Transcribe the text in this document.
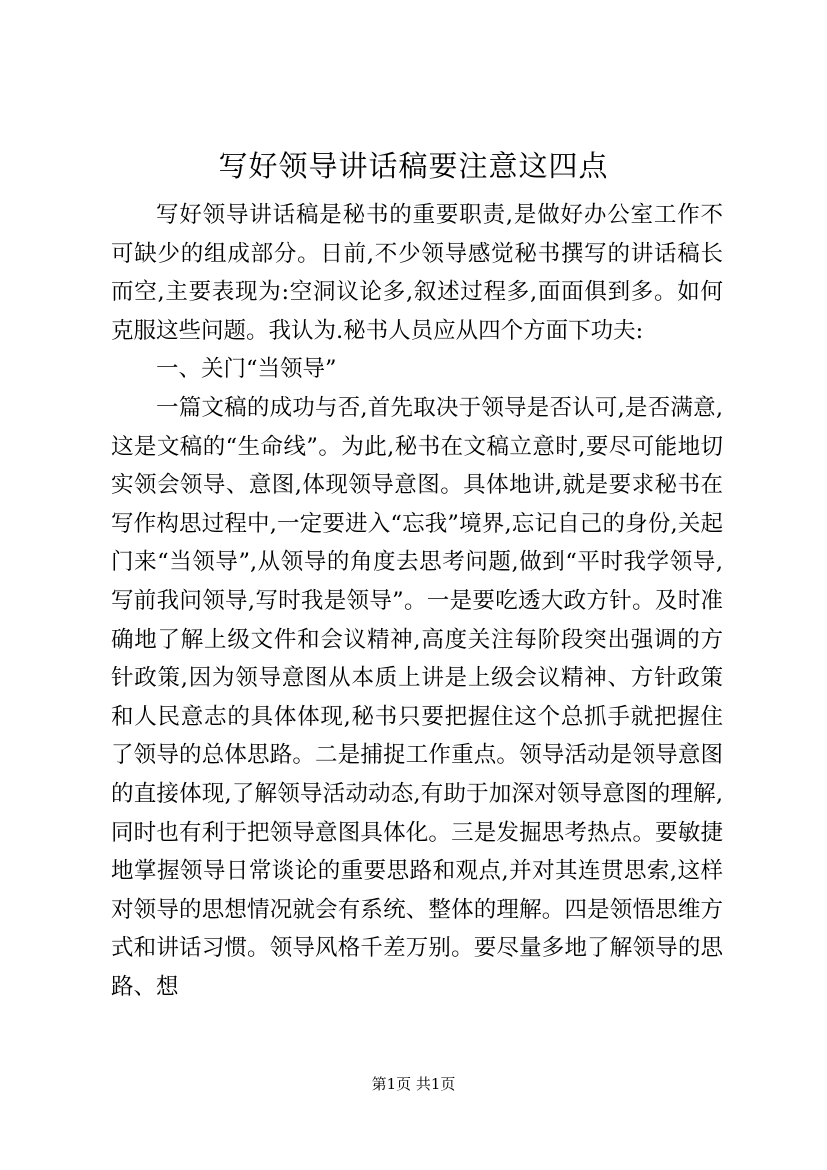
写好领导讲话稿要注意这四点

写好领导讲话稿是秘书的重要职责,是做好办公室工作不可缺少的组成部分。日前,不少领导感觉秘书撰写的讲话稿长而空,主要表现为:空洞议论多,叙述过程多,面面俱到多。如何克服这些问题。我认为.秘书人员应从四个方面下功夫:

一、关门“当领导”

一篇文稿的成功与否,首先取决于领导是否认可,是否满意,这是文稿的“生命线”。为此,秘书在文稿立意时,要尽可能地切实领会领导、意图,体现领导意图。具体地讲,就是要求秘书在写作构思过程中,一定要进入“忘我”境界,忘记自己的身份,关起门来“当领导”,从领导的角度去思考问题,做到“平时我学领导,写前我问领导,写时我是领导”。一是要吃透大政方针。及时准确地了解上级文件和会议精神,高度关注每阶段突出强调的方针政策,因为领导意图从本质上讲是上级会议精神、方针政策和人民意志的具体体现,秘书只要把握住这个总抓手就把握住了领导的总体思路。二是捕捉工作重点。领导活动是领导意图的直接体现,了解领导活动动态,有助于加深对领导意图的理解,同时也有利于把领导意图具体化。三是发掘思考热点。要敏捷地掌握领导日常谈论的重要思路和观点,并对其连贯思索,这样对领导的思想情况就会有系统、整体的理解。四是领悟思维方式和讲话习惯。领导风格千差万别。要尽量多地了解领导的思路、想

第1页 共1页
